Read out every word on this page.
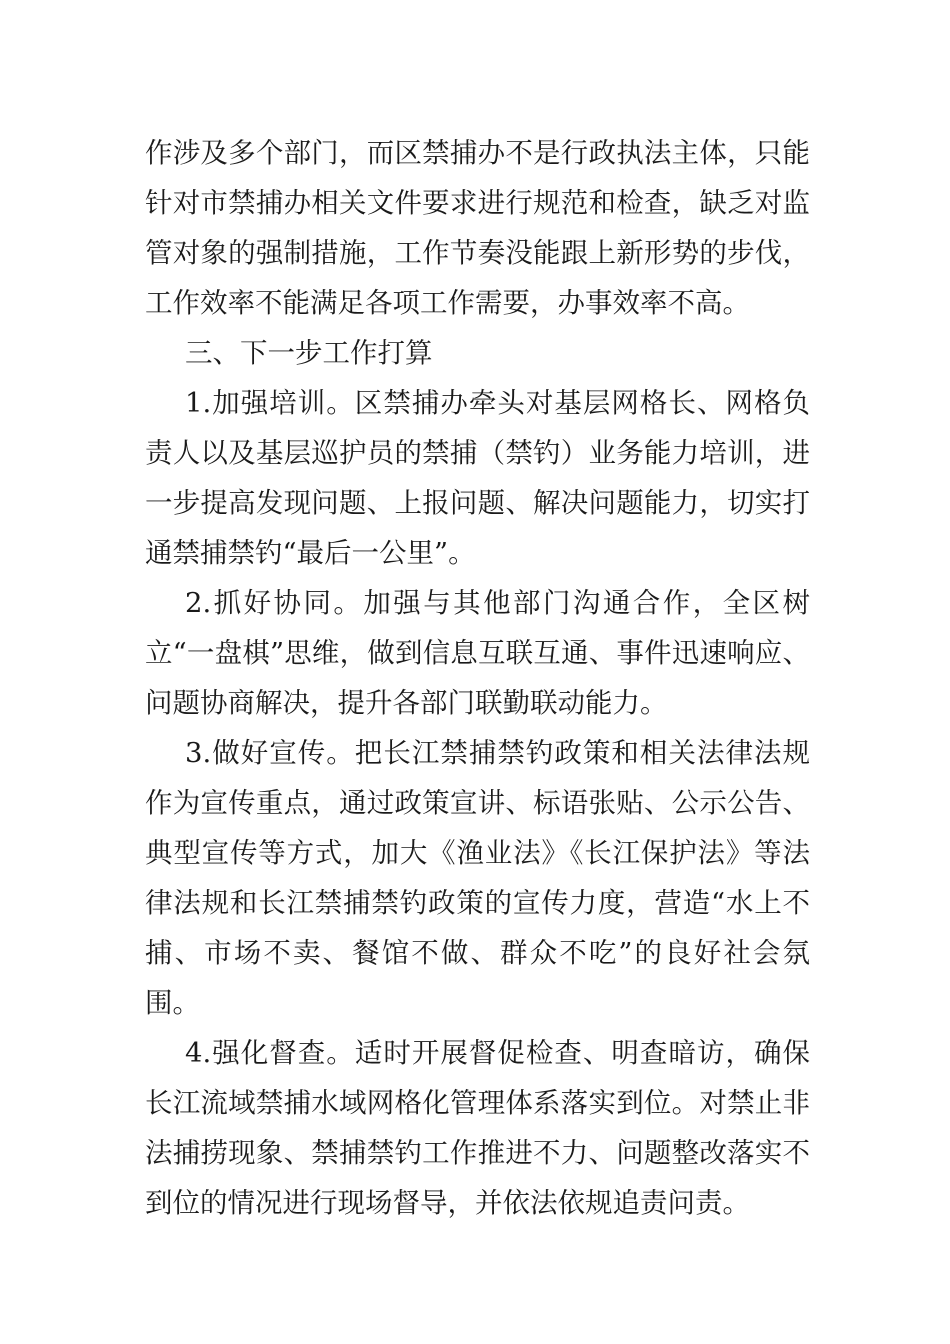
作涉及多个部门，而区禁捕办不是行政执法主体，只能针对市禁捕办相关文件要求进行规范和检查，缺乏对监管对象的强制措施，工作节奏没能跟上新形势的步伐，工作效率不能满足各项工作需要，办事效率不高。

三、下一步工作打算

1.加强培训。区禁捕办牵头对基层网格长、网格负责人以及基层巡护员的禁捕（禁钓）业务能力培训，进一步提高发现问题、上报问题、解决问题能力，切实打通禁捕禁钓“最后一公里”。

2.抓好协同。加强与其他部门沟通合作，全区树立“一盘棋”思维，做到信息互联互通、事件迅速响应、问题协商解决，提升各部门联勤联动能力。

3.做好宣传。把长江禁捕禁钓政策和相关法律法规作为宣传重点，通过政策宣讲、标语张贴、公示公告、典型宣传等方式，加大《渔业法》《长江保护法》等法律法规和长江禁捕禁钓政策的宣传力度，营造“水上不捕、市场不卖、餐馆不做、群众不吃”的良好社会氛围。

4.强化督查。适时开展督促检查、明查暗访，确保长江流域禁捕水域网格化管理体系落实到位。对禁止非法捕捞现象、禁捕禁钓工作推进不力、问题整改落实不到位的情况进行现场督导，并依法依规追责问责。
